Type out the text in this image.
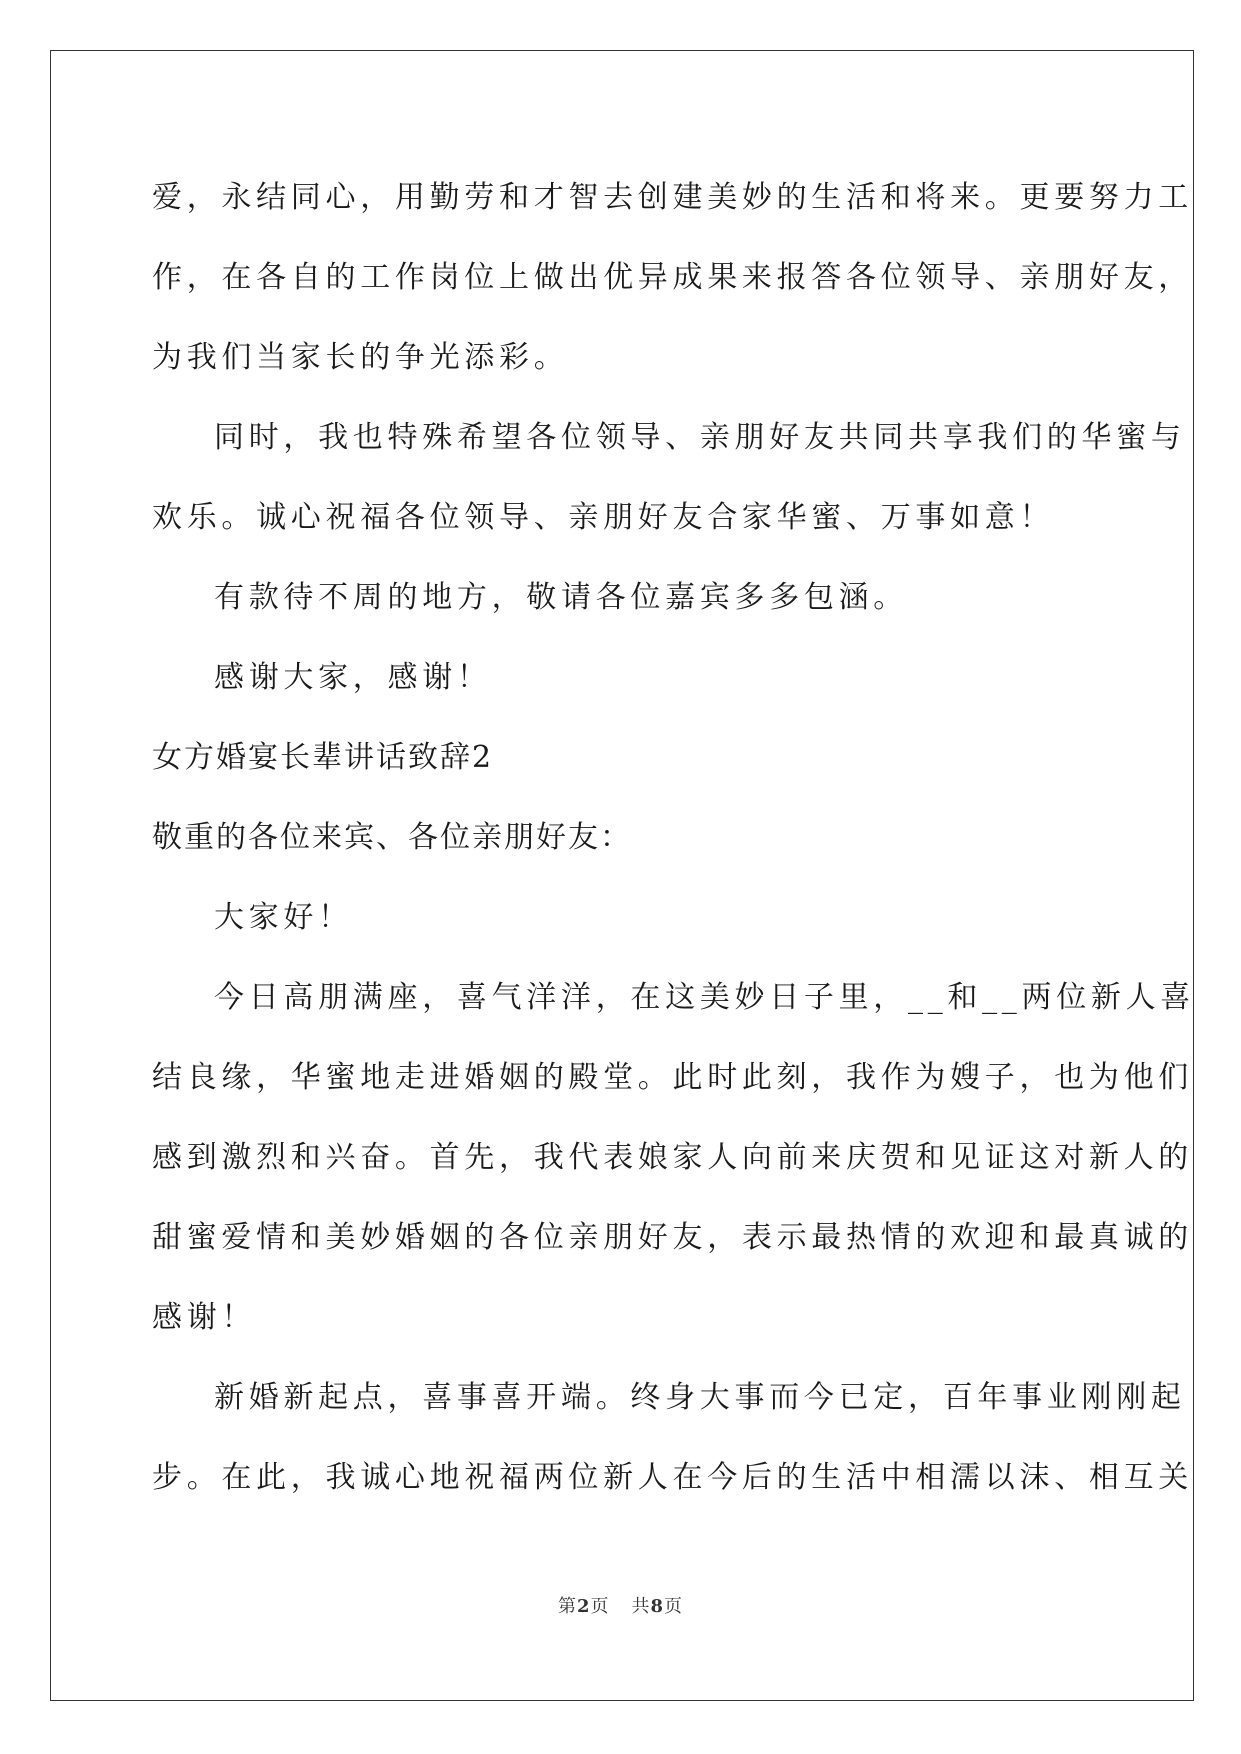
爱，永结同心，用勤劳和才智去创建美妙的生活和将来。更要努力工
作，在各自的工作岗位上做出优异成果来报答各位领导、亲朋好友，
为我们当家长的争光添彩。
同时，我也特殊希望各位领导、亲朋好友共同共享我们的华蜜与
欢乐。诚心祝福各位领导、亲朋好友合家华蜜、万事如意！
有款待不周的地方，敬请各位嘉宾多多包涵。
感谢大家，感谢！
女方婚宴长辈讲话致辞2
敬重的各位来宾、各位亲朋好友：
大家好！
今日高朋满座，喜气洋洋，在这美妙日子里，__和__两位新人喜
结良缘，华蜜地走进婚姻的殿堂。此时此刻，我作为嫂子，也为他们
感到激烈和兴奋。首先，我代表娘家人向前来庆贺和见证这对新人的
甜蜜爱情和美妙婚姻的各位亲朋好友，表示最热情的欢迎和最真诚的
感谢！
新婚新起点，喜事喜开端。终身大事而今已定，百年事业刚刚起
步。在此，我诚心地祝福两位新人在今后的生活中相濡以沫、相互关
第2页 共8页
